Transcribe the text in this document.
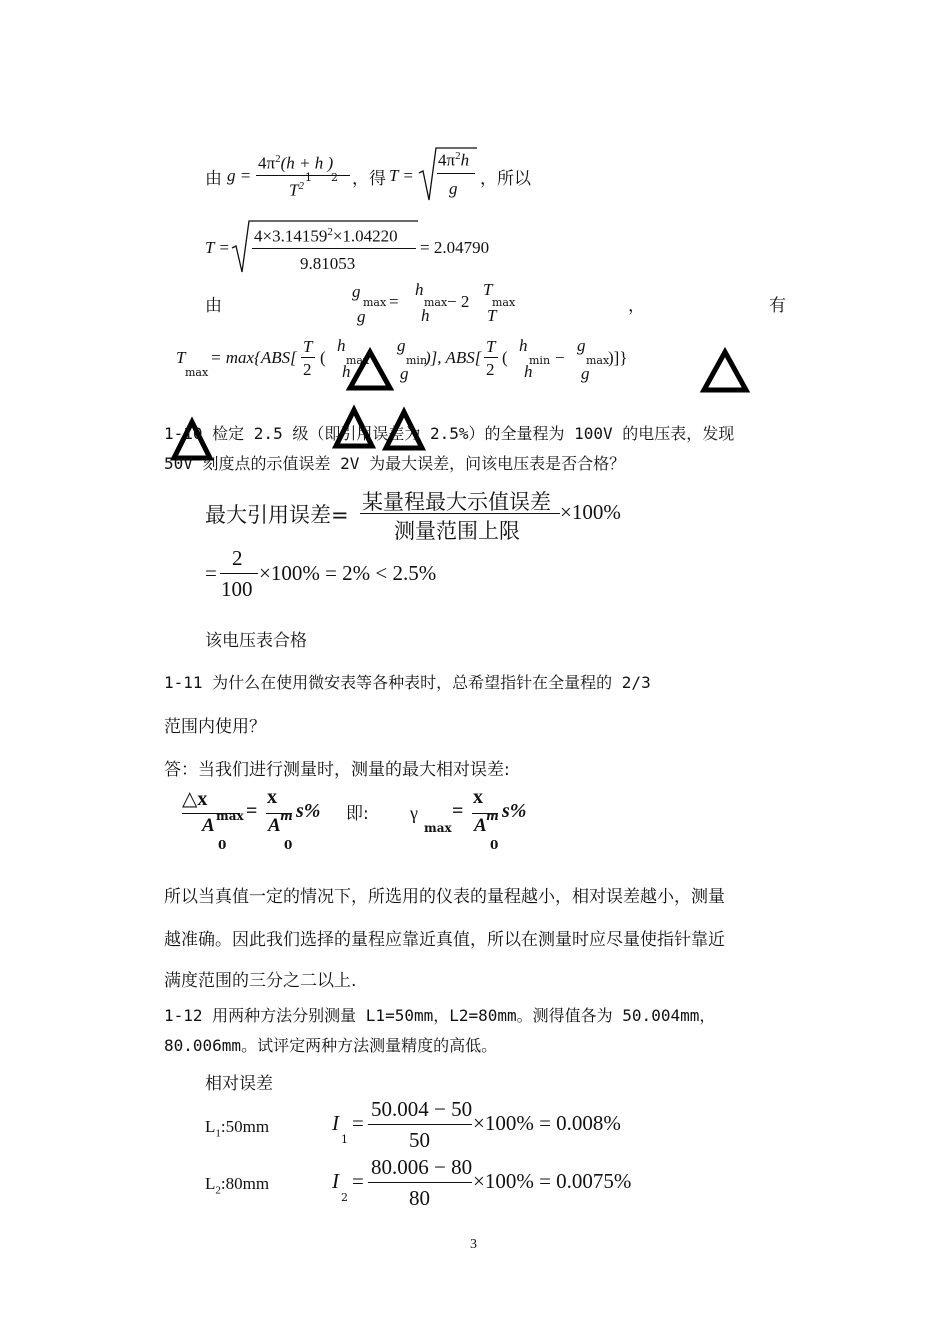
由 g =
$4\pi^2(h + h$ )
1 2
$T^2$	，得 T =
$4\pi^2h$
g ，所以
T =
$4\times 3.14159^2\times 1.04220$
9.81053
= 2.04790
由
g
max
g
=
h
max
h
− 2
T
max
T	，	有
T
max
= max{ABS[
T
2
(
h
max
h
g
min
g
)], ABS[
T
2
(
h
min
h
−
g
max
g
)]}
1-10 检定 2.5 级（即引用误差为 2.5%）的全量程为 100V 的电压表，发现
50V 刻度点的示值误差 2V 为最大误差，问该电压表是否合格？
最大引用误差=
某量程最大示值误差
测量范围上限
×100%
=
2
100
×100% = 2% < 2.5%
该电压表合格
1-11 为什么在使用微安表等各种表时，总希望指针在全量程的 2/3
范围内使用？
答：当我们进行测量时，测量的最大相对误差:
△x
max
A
0
=
x
m
A
0
s% 即: γ
max
=
x
m
A
0
s%
所以当真值一定的情况下，所选用的仪表的量程越小，相对误差越小，测量
越准确。因此我们选择的量程应靠近真值，所以在测量时应尽量使指针靠近
满度范围的三分之二以上.
1-12 用两种方法分别测量 L1=50mm，L2=80mm。测得值各为 50.004mm，
80.006mm。试评定两种方法测量精度的高低。
相对误差
$L_1:50mm$	I
1
=
50.004 − 50
50
×100% = 0.008%
$L_2:80mm$	I
2
=
80.006 − 80
80
×100% = 0.0075%
3
